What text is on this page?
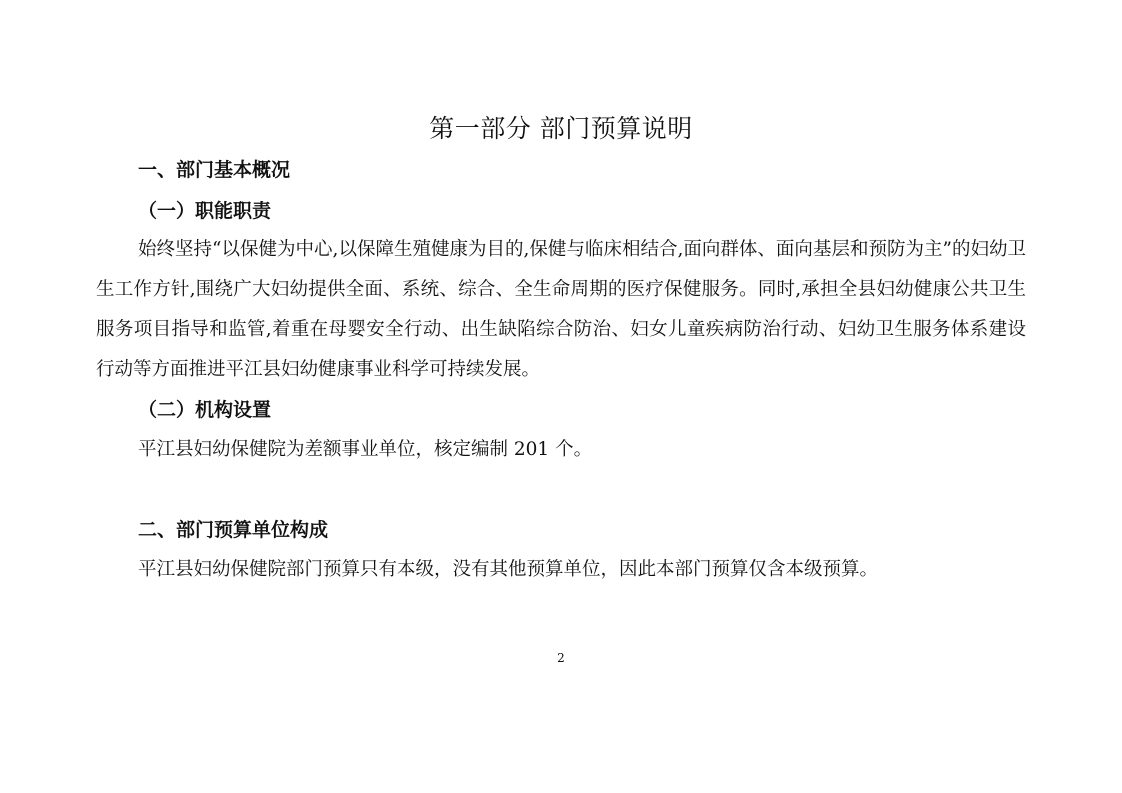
第一部分 部门预算说明
一、部门基本概况
（一）职能职责
始终坚持“以保健为中心,以保障生殖健康为目的,保健与临床相结合,面向群体、面向基层和预防为主”的妇幼卫生工作方针,围绕广大妇幼提供全面、系统、综合、全生命周期的医疗保健服务。同时,承担全县妇幼健康公共卫生服务项目指导和监管,着重在母婴安全行动、出生缺陷综合防治、妇女儿童疾病防治行动、妇幼卫生服务体系建设行动等方面推进平江县妇幼健康事业科学可持续发展。
（二）机构设置
平江县妇幼保健院为差额事业单位，核定编制 201 个。
二、部门预算单位构成
平江县妇幼保健院部门预算只有本级，没有其他预算单位，因此本部门预算仅含本级预算。
2
